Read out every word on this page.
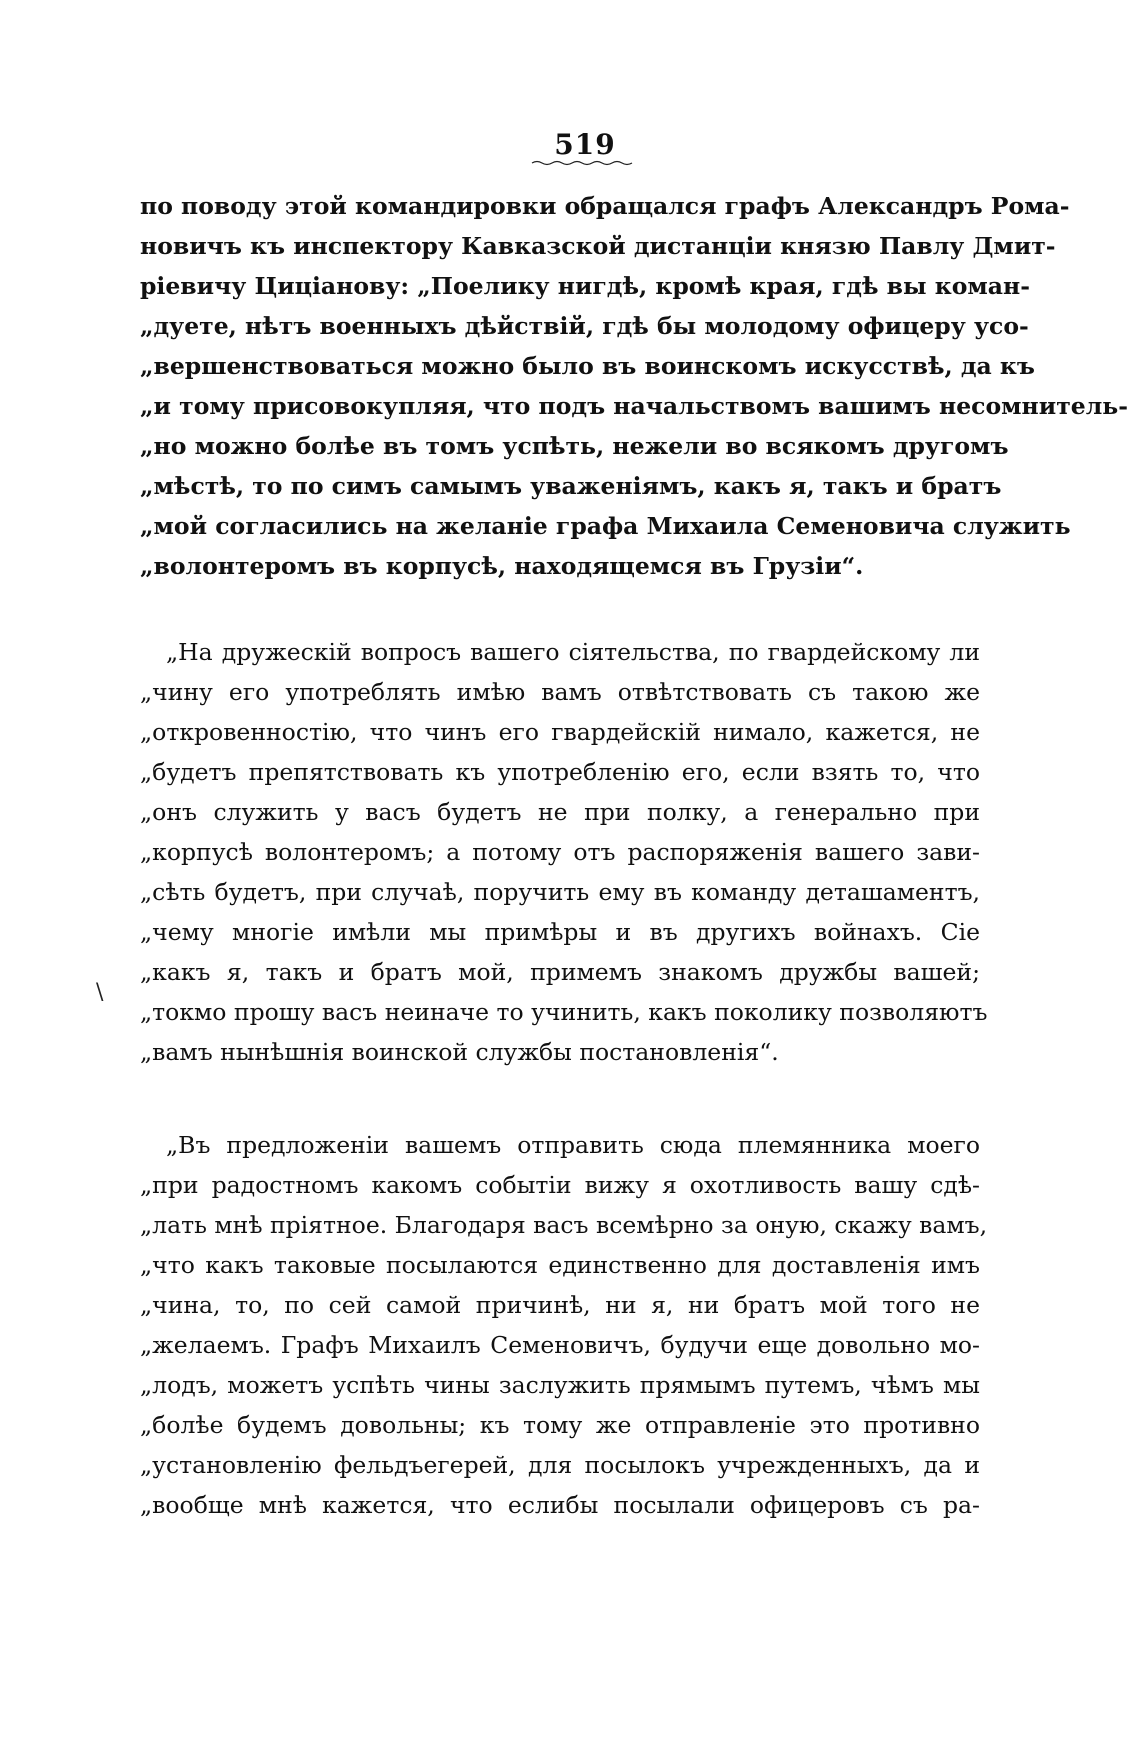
519
\
по поводу этой командировки обращался графъ Александръ Рома-
новичъ къ инспектору Кавказской дистанціи князю Павлу Дмит-
ріевичу Циціанову: „Поелику нигдѣ, кромѣ края, гдѣ вы коман-
„дуете, нѣтъ военныхъ дѣйствій, гдѣ бы молодому офицеру усо-
„вершенствоваться можно было въ воинскомъ искусствѣ, да къ
„и тому присовокупляя, что подъ начальствомъ вашимъ несомнитель-
„но можно болѣе въ томъ успѣть, нежели во всякомъ другомъ
„мѣстѣ, то по симъ самымъ уваженіямъ, какъ я, такъ и братъ
„мой согласились на желаніе графа Михаила Семеновича служить
„волонтеромъ въ корпусѣ, находящемся въ Грузіи“.
„На дружескій вопросъ вашего сіятельства, по гвардейскому ли
„чину его употреблять имѣю вамъ отвѣтствовать съ такою же
„откровенностію, что чинъ его гвардейскій нимало, кажется, не
„будетъ препятствовать къ употребленію его, если взять то, что
„онъ служить у васъ будетъ не при полку, а генерально при
„корпусѣ волонтеромъ; а потому отъ распоряженія вашего зави-
„сѣть будетъ, при случаѣ, поручить ему въ команду деташаментъ,
„чему многіе имѣли мы примѣры и въ другихъ войнахъ. Сіе
„какъ я, такъ и братъ мой, примемъ знакомъ дружбы вашей;
„токмо прошу васъ неиначе то учинить, какъ поколику позволяютъ
„вамъ нынѣшнія воинской службы постановленія“.
„Въ предложеніи вашемъ отправить сюда племянника моего
„при радостномъ какомъ событіи вижу я охотливость вашу сдѣ-
„лать мнѣ пріятное. Благодаря васъ всемѣрно за оную, скажу вамъ,
„что какъ таковые посылаются единственно для доставленія имъ
„чина, то, по сей самой причинѣ, ни я, ни братъ мой того не
„желаемъ. Графъ Михаилъ Семеновичъ, будучи еще довольно мо-
„лодъ, можетъ успѣть чины заслужить прямымъ путемъ, чѣмъ мы
„болѣе будемъ довольны; къ тому же отправленіе это противно
„установленію фельдъегерей, для посылокъ учрежденныхъ, да и
„вообще мнѣ кажется, что еслибы посылали офицеровъ съ ра-
